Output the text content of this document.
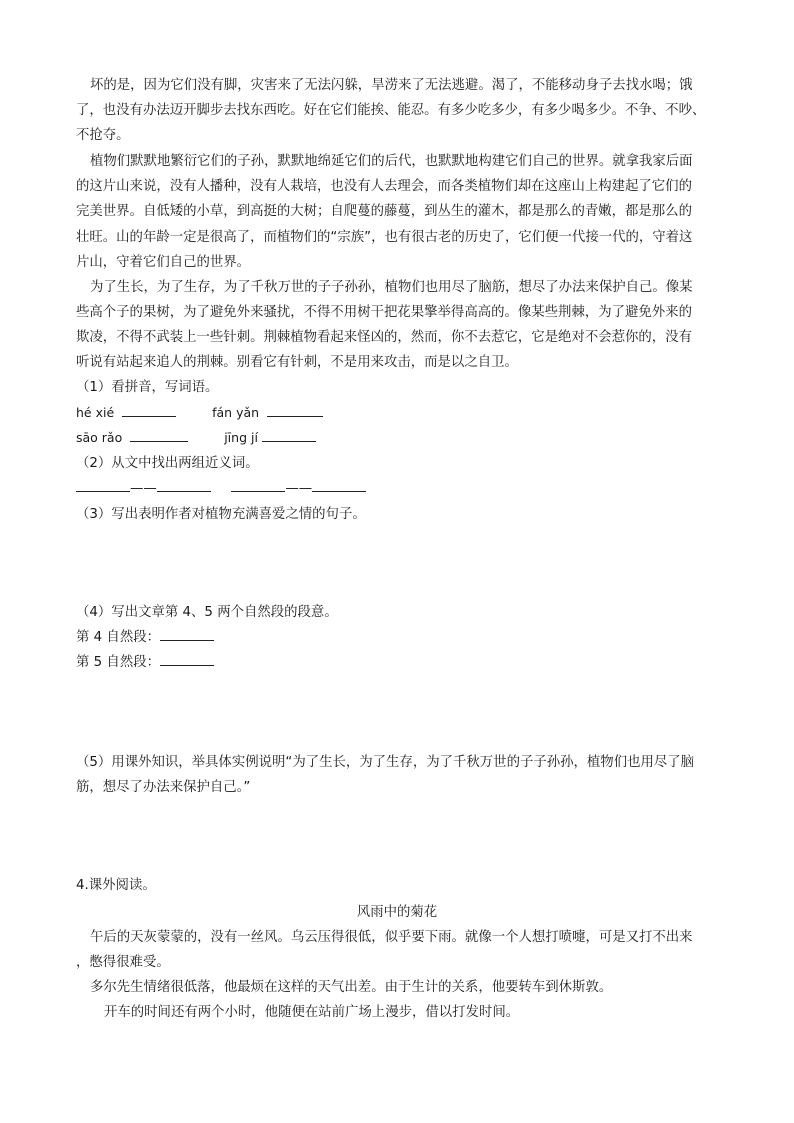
坏的是，因为它们没有脚，灾害来了无法闪躲，旱涝来了无法逃避。渴了，不能移动身子去找水喝；饿
了，也没有办法迈开脚步去找东西吃。好在它们能挨、能忍。有多少吃多少，有多少喝多少。不争、不吵、
不抢夺。
植物们默默地繁衍它们的子孙，默默地绵延它们的后代，也默默地构建它们自己的世界。就拿我家后面
的这片山来说，没有人播种，没有人栽培，也没有人去理会，而各类植物们却在这座山上构建起了它们的
完美世界。自低矮的小草，到高挺的大树；自爬蔓的藤蔓，到丛生的灌木，都是那么的青嫩，都是那么的
壮旺。山的年龄一定是很高了，而植物们的“宗族”，也有很古老的历史了，它们便一代接一代的，守着这
片山，守着它们自己的世界。
为了生长，为了生存，为了千秋万世的子子孙孙，植物们也用尽了脑筋，想尽了办法来保护自己。像某
些高个子的果树，为了避免外来骚扰，不得不用树干把花果擎举得高高的。像某些荆棘，为了避免外来的
欺凌，不得不武装上一些针刺。荆棘植物看起来怪凶的，然而，你不去惹它，它是绝对不会惹你的，没有
听说有站起来追人的荆棘。别看它有针刺，不是用来攻击，而是以之自卫。
（1）看拼音，写词语。
hé xié	fán yǎn
sāo rǎo	jīng jí
（2）从文中找出两组近义词。
——	——
（3）写出表明作者对植物充满喜爱之情的句子。
（4）写出文章第 4、5 两个自然段的段意。
第 4 自然段：
第 5 自然段：
（5）用课外知识，举具体实例说明“为了生长，为了生存，为了千秋万世的子子孙孙，植物们也用尽了脑
筋，想尽了办法来保护自己。”
4.课外阅读。
风雨中的菊花
午后的天灰蒙蒙的，没有一丝风。乌云压得很低，似乎要下雨。就像一个人想打喷嚏，可是又打不出来
，憋得很难受。
多尔先生情绪很低落，他最烦在这样的天气出差。由于生计的关系，他要转车到休斯敦。
开车的时间还有两个小时，他随便在站前广场上漫步，借以打发时间。
